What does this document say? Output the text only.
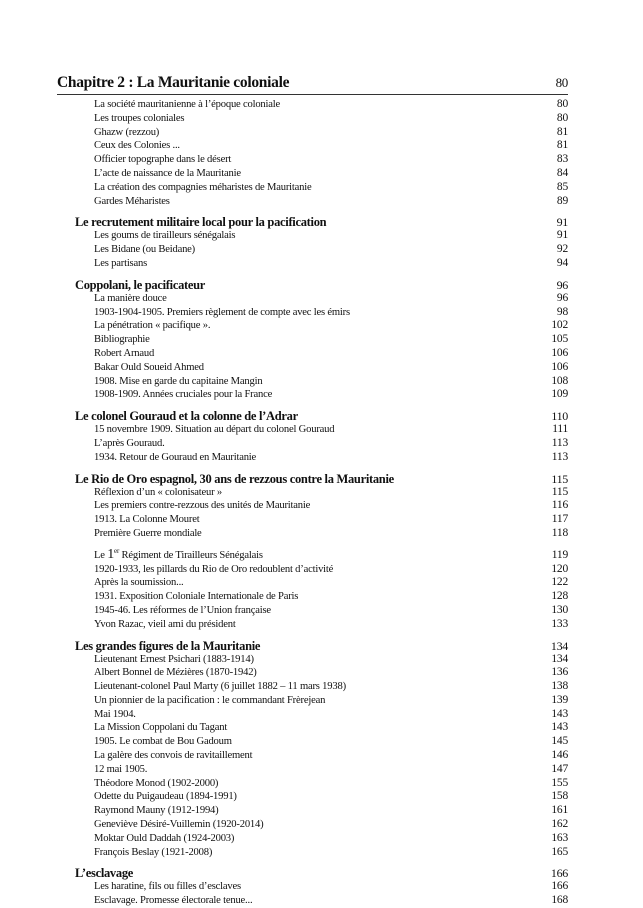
Chapitre 2 : La Mauritanie coloniale	80
La société mauritanienne à l’époque coloniale	80
Les troupes coloniales	80
Ghazw (rezzou)	81
Ceux des Colonies ...	81
Officier topographe dans le désert	83
L’acte de naissance de la Mauritanie	84
La création des compagnies méharistes de Mauritanie	85
Gardes Méharistes	89
Le recrutement militaire local pour la pacification	91
Les goums de tirailleurs sénégalais	91
Les Bidane (ou Beidane)	92
Les partisans	94
Coppolani, le pacificateur	96
La manière douce	96
1903-1904-1905. Premiers règlement de compte avec les émirs	98
La pénétration « pacifique ».	102
Bibliographie	105
Robert Arnaud	106
Bakar Ould Soueid Ahmed	106
1908. Mise en garde du capitaine Mangin	108
1908-1909. Années cruciales pour la France	109
Le colonel Gouraud et la colonne de l’Adrar	110
15 novembre 1909. Situation au départ du colonel Gouraud	111
L’après Gouraud.	113
1934. Retour de Gouraud en Mauritanie	113
Le Rio de Oro espagnol, 30 ans de rezzous contre la Mauritanie	115
Réflexion d’un « colonisateur »	115
Les premiers contre-rezzous des unités de Mauritanie	116
1913. La Colonne Mouret	117
Première Guerre mondiale	118
Le 1er Régiment de Tirailleurs Sénégalais	119
1920-1933, les pillards du Rio de Oro redoublent d’activité	120
Après la soumission...	122
1931. Exposition Coloniale Internationale de Paris	128
1945-46. Les réformes de l’Union française	130
Yvon Razac, vieil ami du président	133
Les grandes figures de la Mauritanie	134
Lieutenant Ernest Psichari (1883-1914)	134
Albert Bonnel de Mézières (1870-1942)	136
Lieutenant-colonel Paul Marty (6 juillet 1882 – 11 mars 1938)	138
Un pionnier de la pacification : le commandant Frèrejean	139
Mai 1904.	143
La Mission Coppolani du Tagant	143
1905. Le combat de Bou Gadoum	145
La galère des convois de ravitaillement	146
12 mai 1905.	147
Théodore Monod (1902-2000)	155
Odette du Puigaudeau (1894-1991)	158
Raymond Mauny (1912-1994)	161
Geneviève Désiré-Vuillemin (1920-2014)	162
Moktar Ould Daddah (1924-2003)	163
François Beslay (1921-2008)	165
L’esclavage	166
Les haratine, fils ou filles d’esclaves	166
Esclavage. Promesse électorale tenue...	168
